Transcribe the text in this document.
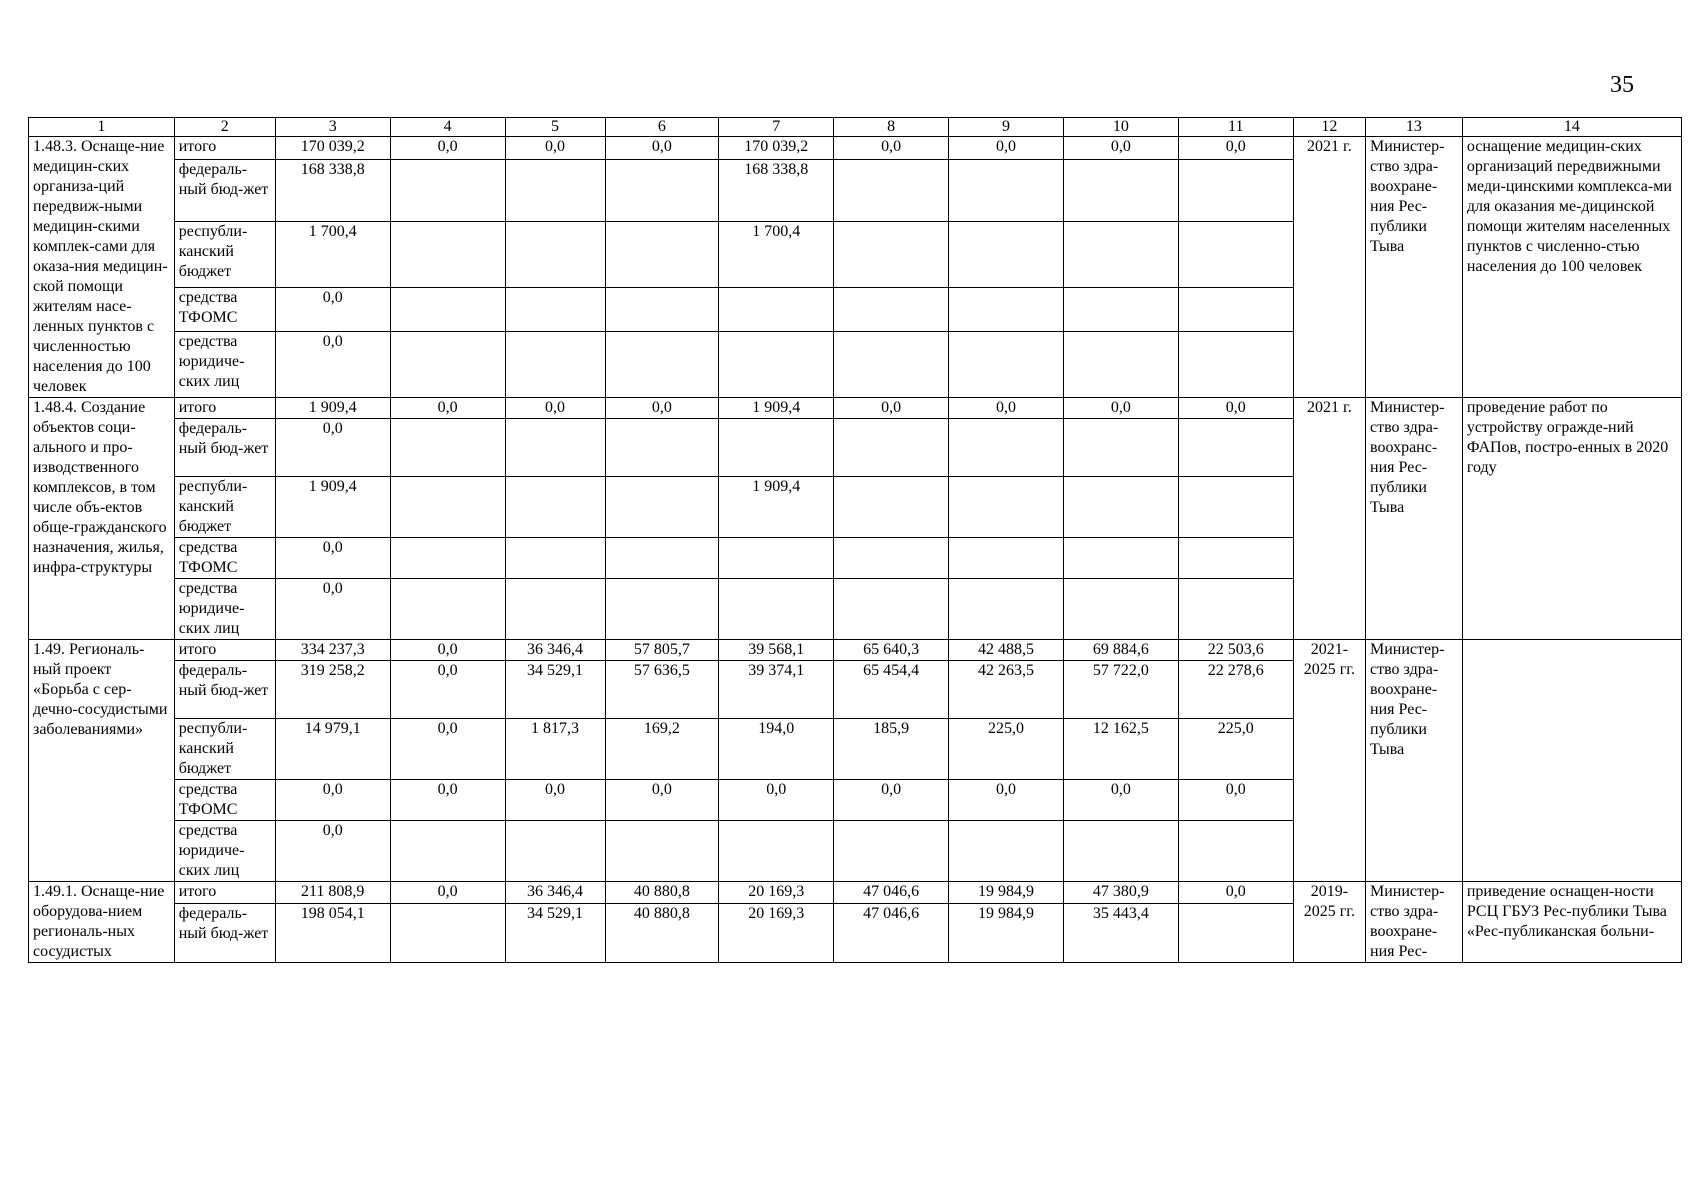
35
1	2	3	4	5	6	7	8	9	10	11	12	13	14
1.48.3. Оснаще-ние медицин-ских организа-ций передвиж-ными медицин-скими комплек-сами для оказа-ния медицин-ской помощи жителям насе-ленных пунктов с численностью населения до 100 человек	итого	170 039,2	0,0	0,0	0,0	170 039,2	0,0	0,0	0,0	0,0	2021 г.	Министер-ство здра-воохране-ния Рес-публики Тыва	оснащение медицин-ских организаций передвижными меди-цинскими комплекса-ми для оказания ме-дицинской помощи жителям населенных пунктов с численно-стью населения до 100 человек
	федераль-ный бюд-жет	168 338,8				168 338,8							
	республи-канский бюджет	1 700,4				1 700,4							
	средства ТФОМС	0,0											
	средства юридиче-ских лиц	0,0											
1.48.4. Создание объектов соци-ального и про-изводственного комплексов, в том числе объ-ектов обще-гражданского назначения, жилья, инфра-структуры	итого	1 909,4	0,0	0,0	0,0	1 909,4	0,0	0,0	0,0	0,0	2021 г.	Министер-ство здра-воохранс-ния Рес-публики Тыва	проведение работ по устройству огражде-ний ФАПов, постро-енных в 2020 году
	федераль-ный бюд-жет	0,0											
	республи-канский бюджет	1 909,4				1 909,4							
	средства ТФОМС	0,0											
	средства юридиче-ских лиц	0,0											
1.49. Региональ-ный проект «Борьба с сер-дечно-сосудистыми заболеваниями»	итого	334 237,3	0,0	36 346,4	57 805,7	39 568,1	65 640,3	42 488,5	69 884,6	22 503,6	2021-2025 гг.	Министер-ство здра-воохране-ния Рес-публики Тыва	
	федераль-ный бюд-жет	319 258,2	0,0	34 529,1	57 636,5	39 374,1	65 454,4	42 263,5	57 722,0	22 278,6			
	республи-канский бюджет	14 979,1	0,0	1 817,3	169,2	194,0	185,9	225,0	12 162,5	225,0			
	средства ТФОМС	0,0	0,0	0,0	0,0	0,0	0,0	0,0	0,0	0,0			
	средства юридиче-ских лиц	0,0											
1.49.1. Оснаще-ние оборудова-нием региональ-ных сосудистых	итого	211 808,9	0,0	36 346,4	40 880,8	20 169,3	47 046,6	19 984,9	47 380,9	0,0	2019-2025 гг.	Министер-ство здра-воохране-ния Рес-	приведение оснащен-ности РСЦ ГБУЗ Рес-публики Тыва «Рес-публиканская больни-
	федераль-ный бюд-жет	198 054,1		34 529,1	40 880,8	20 169,3	47 046,6	19 984,9	35 443,4				
